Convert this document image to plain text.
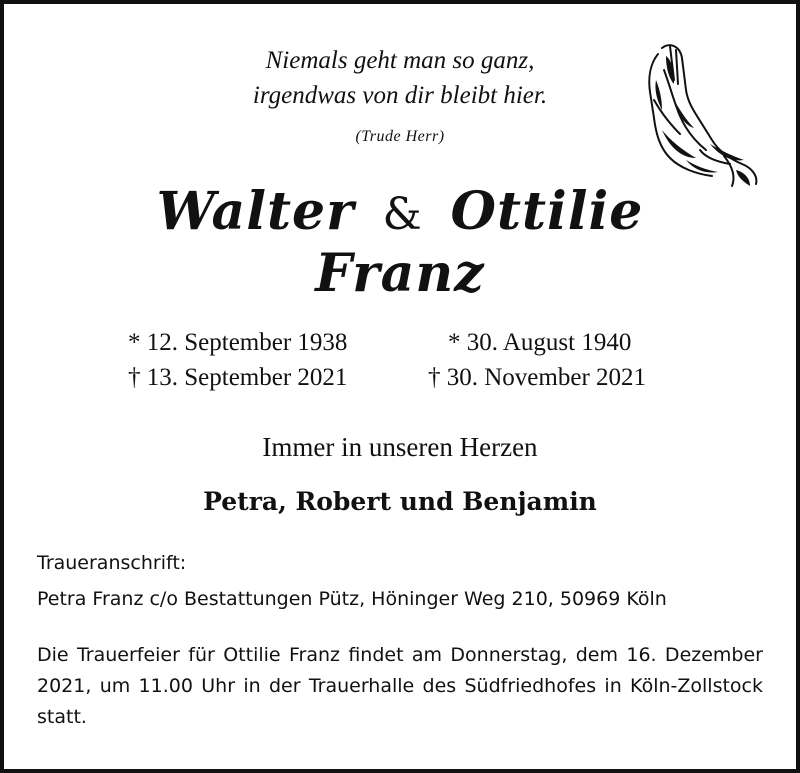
Niemals geht man so ganz,
irgendwas von dir bleibt hier.
(Trude Herr)
Walter & Ottilie
Franz
* 12. September 1938
† 13. September 2021
* 30. August 1940
† 30. November 2021
Immer in unseren Herzen
Petra, Robert und Benjamin
Traueranschrift:
Petra Franz c/o Bestattungen Pütz, Höninger Weg 210, 50969 Köln
Die Trauerfeier für Ottilie Franz findet am Donnerstag, dem 16. Dezember 2021, um 11.00 Uhr in der Trauerhalle des Südfriedhofes in Köln-Zollstock statt.
